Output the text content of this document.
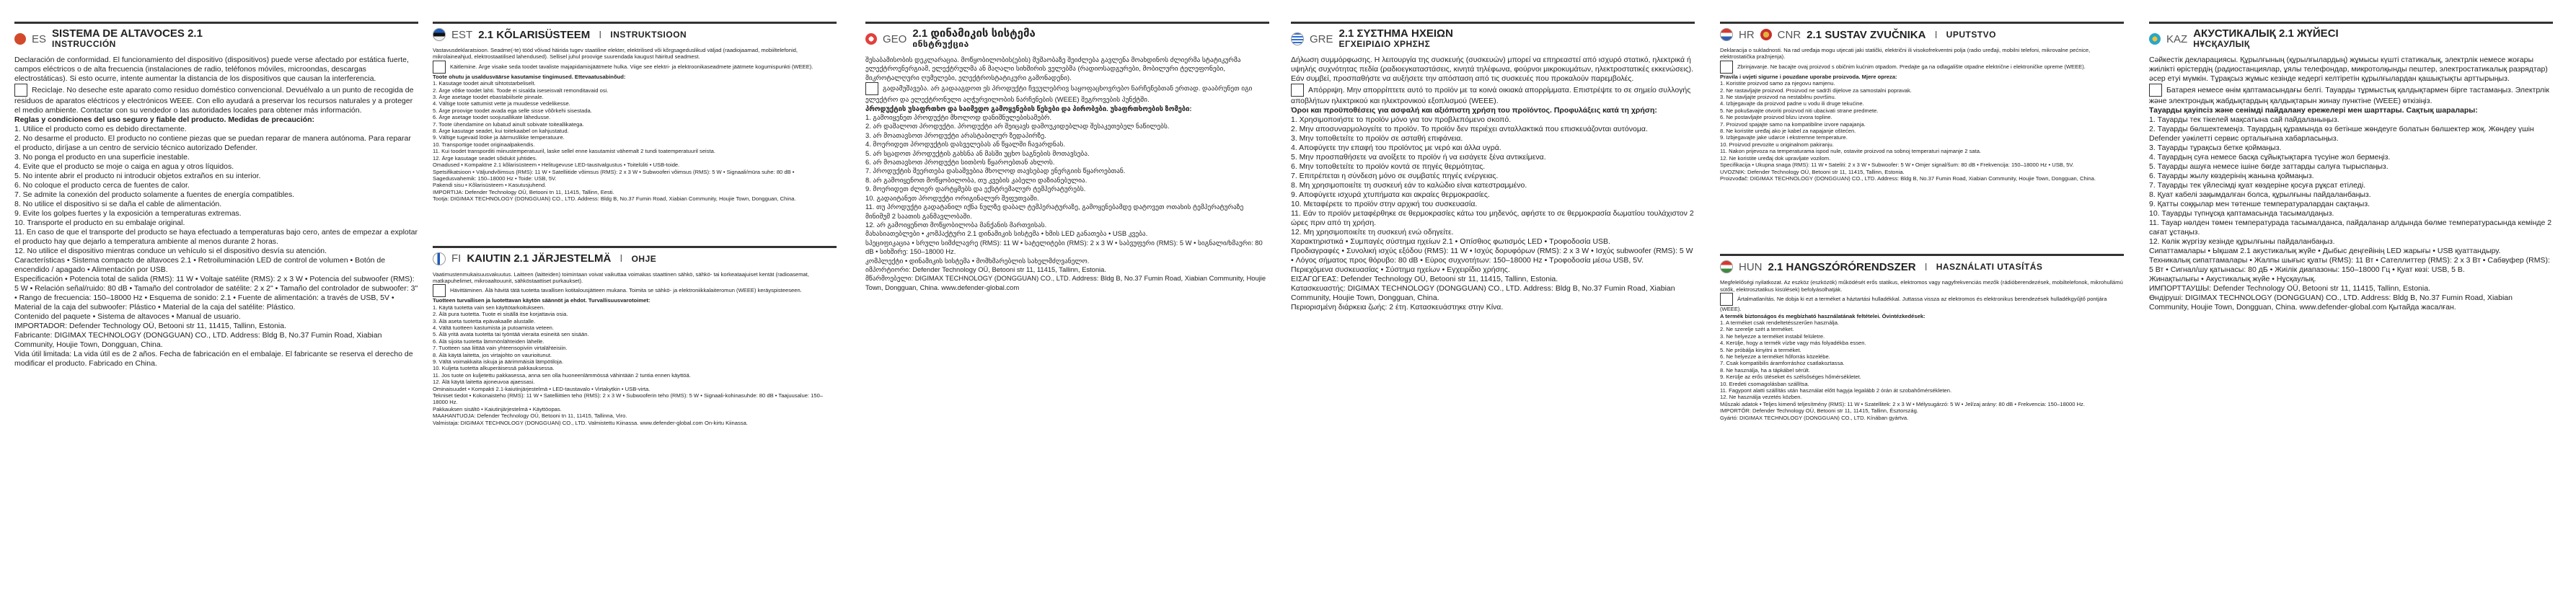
ES SISTEMA DE ALTAVOCES 2.1
INSTRUCCIÓN

Declaración de conformidad. El funcionamiento del dispositivo (dispositivos) puede verse afectado por estática fuerte, campos eléctricos o de alta frecuencia (instalaciones de radio, teléfonos móviles, microondas, descargas electrostáticas). Si esto ocurre, intente aumentar la distancia de los dispositivos que causan la interferencia.

Reciclaje. No deseche este aparato como residuo doméstico convencional. Devuélvalo a un punto de recogida de residuos de aparatos eléctricos y electrónicos WEEE. Con ello ayudará a preservar los recursos naturales y a proteger el medio ambiente. Contactar con su vendedor o las autoridades locales para obtener más información.

Reglas y condiciones del uso seguro y fiable del producto. Medidas de precaución:

1. Utilice el producto como es debido directamente.

2. No desarme el producto. El producto no contiene piezas que se puedan reparar de manera autónoma. Para reparar el producto, diríjase a un centro de servicio técnico autorizado Defender.

3. No ponga el producto en una superficie inestable.

4. Evite que el producto se moje o caiga en agua y otros líquidos.

5. No intente abrir el producto ni introducir objetos extraños en su interior.

6. No coloque el producto cerca de fuentes de calor.

7. Se admite la conexión del producto solamente a fuentes de energía compatibles.

8. No utilice el dispositivo si se daña el cable de alimentación.

9. Evite los golpes fuertes y la exposición a temperaturas extremas.

10. Transporte el producto en su embalaje original.

11. En caso de que el transporte del producto se haya efectuado a temperaturas bajo cero, antes de empezar a explotar el producto hay que dejarlo a temperatura ambiente al menos durante 2 horas.

12. No utilice el dispositivo mientras conduce un vehículo si el dispositivo desvía su atención.

Características • Sistema compacto de altavoces 2.1 • Retroiluminación LED de control de volumen • Botón de encendido / apagado • Alimentación por USB.

Especificación • Potencia total de salida (RMS): 11 W • Voltaje satélite (RMS): 2 x 3 W • Potencia del subwoofer (RMS): 5 W • Relación señal/ruido: 80 dB • Tamaño del controlador de satélite: 2 x 2" • Tamaño del controlador de subwoofer: 3" • Rango de frecuencia: 150–18000 Hz • Esquema de sonido: 2.1 • Fuente de alimentación: a través de USB, 5V • Material de la caja del subwoofer: Plástico • Material de la caja del satélite: Plástico.

Contenido del paquete • Sistema de altavoces • Manual de usuario.

IMPORTADOR: Defender Technology OÜ, Betooni str 11, 11415, Tallinn, Estonia.

Fabricante: DIGIMAX TECHNOLOGY (DONGGUAN) CO., LTD. Address: Bldg B, No.37 Fumin Road, Xiabian Community, Houjie Town, Dongguan, China.

Vida útil limitada: La vida útil es de 2 años. Fecha de fabricación en el embalaje. El fabricante se reserva el derecho de modificar el producto. Fabricado en China.

EST 2.1 KÕLARISÜSTEEM I INSTRUKTSIOON

Vastavusdeklaratsioon. Seadme(-te) tööd võivad häirida tugev staatiline elekter, elektrilised või kõrgsageduslikud väljad (raadiojaamad, mobiiltelefonid, mikrolaineahjud, elektrostaatilised lahendused). Sellisel juhul proovige suurendada kaugust häiritud seadmest.

Käitlemine. Ärge visake seda toodet tavaliste majapidamisjäätmete hulka. Viige see elektri- ja elektroonikaseadmete jäätmete kogumispunkti (WEEE).

Toote ohutu ja usaldusväärse kasutamise tingimused. Ettevaatusabinõud:

1. Kasutage toodet ainult sihtotstarbeliselt.

2. Ärge võtke toodet lahti. Toode ei sisalda iseseisvalt remonditavaid osi.

3. Ärge asetage toodet ebastabiilsele pinnale.

4. Vältige toote sattumist vette ja muudesse vedelikesse.

5. Ärge proovige toodet avada ega selle sisse võõrkehi sisestada.

6. Ärge asetage toodet soojusallikate lähedusse.

7. Toote ühendamine on lubatud ainult sobivate toiteallikatega.

8. Ärge kasutage seadet, kui toitekaabel on kahjustatud.

9. Vältige tugevaid lööke ja äärmuslikke temperatuure.

10. Transportige toodet originaalpakendis.

11. Kui toodet transporditi miinustemperatuuril, laske sellel enne kasutamist vähemalt 2 tundi toatemperatuuril seista.

12. Ärge kasutage seadet sõidukit juhtides.

Omadused • Kompaktne 2.1 kõlarisüsteem • Helitugevuse LED-taustvalgustus • Toitelüliti • USB-toide.

Spetsifikatsioon • Väljundvõimsus (RMS): 11 W • Satelliitide võimsus (RMS): 2 x 3 W • Subwooferi võimsus (RMS): 5 W • Signaali/müra suhe: 80 dB • Sagedusvahemik: 150–18000 Hz • Toide: USB, 5V.

Pakendi sisu • Kõlarisüsteem • Kasutusjuhend.

IMPORTIJA: Defender Technology OÜ, Betooni tn 11, 11415, Tallinn, Eesti.

Tootja: DIGIMAX TECHNOLOGY (DONGGUAN) CO., LTD. Address: Bldg B, No.37 Fumin Road, Xiabian Community, Houjie Town, Dongguan, China.

FI KAIUTIN 2.1 JÄRJESTELMÄ I OHJE

Vaatimustenmukaisuusvakuutus. Laitteen (laitteiden) toimintaan voivat vaikuttaa voimakas staattinen sähkö, sähkö- tai korkeataajuiset kentät (radioasemat, matkapuhelimet, mikroaaltouunit, sähköstaattiset purkaukset).

Hävittäminen. Älä hävitä tätä tuotetta tavallisen kotitalousjätteen mukana. Toimita se sähkö- ja elektroniikkalaiteromun (WEEE) keräyspisteeseen.

Tuotteen turvallisen ja luotettavan käytön säännöt ja ehdot. Turvallisuusvarotoimet:

1. Käytä tuotetta vain sen käyttötarkoitukseen.

2. Älä pura tuotetta. Tuote ei sisällä itse korjattavia osia.

3. Älä aseta tuotetta epävakaalle alustalle.

4. Vältä tuotteen kastumista ja putoamista veteen.

5. Älä yritä avata tuotetta tai työntää vieraita esineitä sen sisään.

6. Älä sijoita tuotetta lämmönlähteiden lähelle.

7. Tuotteen saa liittää vain yhteensopiviin virtalähteisiin.

8. Älä käytä laitetta, jos virtajohto on vaurioitunut.

9. Vältä voimakkaita iskuja ja äärimmäisiä lämpötiloja.

10. Kuljeta tuotetta alkuperäisessä pakkauksessa.

11. Jos tuote on kuljetettu pakkasessa, anna sen olla huoneenlämmössä vähintään 2 tuntia ennen käyttöä.

12. Älä käytä laitetta ajoneuvoa ajaessasi.

Ominaisuudet • Kompakti 2.1-kaiutinjärjestelmä • LED-taustavalo • Virtakytkin • USB-virta.

Tekniset tiedot • Kokonaisteho (RMS): 11 W • Satelliittien teho (RMS): 2 x 3 W • Subwooferin teho (RMS): 5 W • Signaali-kohinasuhde: 80 dB • Taajuusalue: 150–18000 Hz.

Pakkauksen sisältö • Kaiutinjärjestelmä • Käyttöopas.

MAAHANTUOJA: Defender Technology OÜ, Betooni tn 11, 11415, Tallinna, Viro.

Valmistaja: DIGIMAX TECHNOLOGY (DONGGUAN) CO., LTD. Valmistettu Kiinassa. www.defender-global.com On-kirtu Kiinassa.

GEO 2.1 დინამიკის სისტემა
ინსტრუქცია

შესაბამისობის დეკლარაცია. მოწყობილობის(ების) მუშაობაზე შეიძლება გავლენა მოახდინოს ძლიერმა სტატიკურმა ელექტროენერგიამ, ელექტრულმა ან მაღალი სიხშირის ველებმა (რადიოსადგურები, მობილური ტელეფონები, მიკროტალღური ღუმელები, ელექტროსტატიკური გამონადენი).

გადამუშავება. არ გადააგდოთ ეს პროდუქტი ჩვეულებრივ საყოფაცხოვრებო ნარჩენებთან ერთად. დააბრუნეთ იგი ელექტრო და ელექტრონული აღჭურვილობის ნარჩენების (WEEE) შეგროვების პუნქტში.

პროდუქტის უსაფრთხო და საიმედო გამოყენების წესები და პირობები. უსაფრთხოების ზომები:

1. გამოიყენეთ პროდუქტი მხოლოდ დანიშნულებისამებრ.

2. არ დაშალოთ პროდუქტი. პროდუქტი არ შეიცავს დამოუკიდებლად შესაკეთებელ ნაწილებს.

3. არ მოათავსოთ პროდუქტი არასტაბილურ ზედაპირზე.

4. მოერიდეთ პროდუქტის დასველებას ან წყალში ჩავარდნას.

5. არ სცადოთ პროდუქტის გახსნა ან მასში უცხო საგნების მოთავსება.

6. არ მოათავსოთ პროდუქტი სითბოს წყაროებთან ახლოს.

7. პროდუქტის შეერთება დასაშვებია მხოლოდ თავსებად ენერგიის წყაროებთან.

8. არ გამოიყენოთ მოწყობილობა, თუ კვების კაბელი დაზიანებულია.

9. მოერიდეთ ძლიერ დარტყმებს და ექსტრემალურ ტემპერატურებს.

10. გადაიტანეთ პროდუქტი ორიგინალურ შეფუთვაში.

11. თუ პროდუქტი გადატანილ იქნა ნულზე დაბალ ტემპერატურაზე, გამოყენებამდე დატოვეთ ოთახის ტემპერატურაზე მინიმუმ 2 საათის განმავლობაში.

12. არ გამოიყენოთ მოწყობილობა მანქანის მართვისას.

მახასიათებლები • კომპაქტური 2.1 დინამიკის სისტემა • ხმის LED განათება • USB კვება.

სპეციფიკაცია • სრული სიმძლავრე (RMS): 11 W • სატელიტები (RMS): 2 x 3 W • საბვუფერი (RMS): 5 W • სიგნალი/ხმაური: 80 dB • სიხშირე: 150–18000 Hz.

კომპლექტი • დინამიკის სისტემა • მომხმარებლის სახელმძღვანელო.

იმპორტიორი: Defender Technology OÜ, Betooni str 11, 11415, Tallinn, Estonia.

მწარმოებელი: DIGIMAX TECHNOLOGY (DONGGUAN) CO., LTD. Address: Bldg B, No.37 Fumin Road, Xiabian Community, Houjie Town, Dongguan, China. www.defender-global.com

GRE 2.1 ΣΥΣΤΗΜΑ ΗΧΕΙΩΝ
ΕΓΧΕΙΡΙΔΙΟ ΧΡΗΣΗΣ

Δήλωση συμμόρφωσης. Η λειτουργία της συσκευής (συσκευών) μπορεί να επηρεαστεί από ισχυρό στατικό, ηλεκτρικά ή υψηλής συχνότητας πεδία (ραδιοεγκαταστάσεις, κινητά τηλέφωνα, φούρνοι μικροκυμάτων, ηλεκτροστατικές εκκενώσεις). Εάν συμβεί, προσπαθήστε να αυξήσετε την απόσταση από τις συσκευές που προκαλούν παρεμβολές.

Απόρριψη. Μην απορρίπτετε αυτό το προϊόν με τα κοινά οικιακά απορρίμματα. Επιστρέψτε το σε σημείο συλλογής αποβλήτων ηλεκτρικού και ηλεκτρονικού εξοπλισμού (WEEE).

Όροι και προϋποθέσεις για ασφαλή και αξιόπιστη χρήση του προϊόντος. Προφυλάξεις κατά τη χρήση:

1. Χρησιμοποιήστε το προϊόν μόνο για τον προβλεπόμενο σκοπό.

2. Μην αποσυναρμολογείτε το προϊόν. Το προϊόν δεν περιέχει ανταλλακτικά που επισκευάζονται αυτόνομα.

3. Μην τοποθετείτε το προϊόν σε ασταθή επιφάνεια.

4. Αποφύγετε την επαφή του προϊόντος με νερό και άλλα υγρά.

5. Μην προσπαθήσετε να ανοίξετε το προϊόν ή να εισάγετε ξένα αντικείμενα.

6. Μην τοποθετείτε το προϊόν κοντά σε πηγές θερμότητας.

7. Επιτρέπεται η σύνδεση μόνο σε συμβατές πηγές ενέργειας.

8. Μη χρησιμοποιείτε τη συσκευή εάν το καλώδιο είναι κατεστραμμένο.

9. Αποφύγετε ισχυρά χτυπήματα και ακραίες θερμοκρασίες.

10. Μεταφέρετε το προϊόν στην αρχική του συσκευασία.

11. Εάν το προϊόν μεταφέρθηκε σε θερμοκρασίες κάτω του μηδενός, αφήστε το σε θερμοκρασία δωματίου τουλάχιστον 2 ώρες πριν από τη χρήση.

12. Μη χρησιμοποιείτε τη συσκευή ενώ οδηγείτε.

Χαρακτηριστικά • Συμπαγές σύστημα ηχείων 2.1 • Οπίσθιος φωτισμός LED • Τροφοδοσία USB.

Προδιαγραφές • Συνολική ισχύς εξόδου (RMS): 11 W • Ισχύς δορυφόρων (RMS): 2 x 3 W • Ισχύς subwoofer (RMS): 5 W • Λόγος σήματος προς θόρυβο: 80 dB • Εύρος συχνοτήτων: 150–18000 Hz • Τροφοδοσία μέσω USB, 5V.

Περιεχόμενα συσκευασίας • Σύστημα ηχείων • Εγχειρίδιο χρήσης.

ΕΙΣΑΓΩΓΕΑΣ: Defender Technology OÜ, Betooni str 11, 11415, Tallinn, Estonia.

Κατασκευαστής: DIGIMAX TECHNOLOGY (DONGGUAN) CO., LTD. Address: Bldg B, No.37 Fumin Road, Xiabian Community, Houjie Town, Dongguan, China.

Περιορισμένη διάρκεια ζωής: 2 έτη. Κατασκευάστηκε στην Κίνα.

HR CNR 2.1 SUSTAV ZVUČNIKA I UPUTSTVO

Deklaracija o sukladnosti. Na rad uređaja mogu utjecati jaki statički, električni ili visokofrekventni polja (radio uređaji, mobilni telefoni, mikrovalne pećnice, elektrostatička pražnjenja).

Zbrinjavanje. Ne bacajte ovaj proizvod s običnim kućnim otpadom. Predajte ga na odlagalište otpadne električne i elektroničke opreme (WEEE).

Pravila i uvjeti sigurne i pouzdane uporabe proizvoda. Mjere opreza:

1. Koristite proizvod samo za njegovu namjenu.

2. Ne rastavljajte proizvod. Proizvod ne sadrži dijelove za samostalni popravak.

3. Ne stavljajte proizvod na nestabilnu površinu.

4. Izbjegavajte da proizvod padne u vodu ili druge tekućine.

5. Ne pokušavajte otvoriti proizvod niti ubacivati strane predmete.

6. Ne postavljajte proizvod blizu izvora topline.

7. Proizvod spajajte samo na kompatibilne izvore napajanja.

8. Ne koristite uređaj ako je kabel za napajanje oštećen.

9. Izbjegavajte jake udarce i ekstremne temperature.

10. Proizvod prevozite u originalnom pakiranju.

11. Nakon prijevoza na temperaturama ispod nule, ostavite proizvod na sobnoj temperaturi najmanje 2 sata.

12. Ne koristite uređaj dok upravljate vozilom.

Specifikacija • Ukupna snaga (RMS): 11 W • Sateliti: 2 x 3 W • Subwoofer: 5 W • Omjer signal/šum: 80 dB • Frekvencija: 150–18000 Hz • USB, 5V.

UVOZNIK: Defender Technology OÜ, Betooni str 11, 11415, Tallinn, Estonia.

Proizvođač: DIGIMAX TECHNOLOGY (DONGGUAN) CO., LTD. Address: Bldg B, No.37 Fumin Road, Xiabian Community, Houjie Town, Dongguan, China.

HUN 2.1 HANGSZÓRÓRENDSZER I HASZNÁLATI UTASÍTÁS

Megfelelőségi nyilatkozat. Az eszköz (eszközök) működését erős statikus, elektromos vagy nagyfrekvenciás mezők (rádióberendezések, mobiltelefonok, mikrohullámú sütők, elektrosztatikus kisülések) befolyásolhatják.

Ártalmatlanítás. Ne dobja ki ezt a terméket a háztartási hulladékkal. Juttassa vissza az elektromos és elektronikus berendezések hulladékgyűjtő pontjára (WEEE).

A termék biztonságos és megbízható használatának feltételei. Óvintézkedések:

1. A terméket csak rendeltetésszerűen használja.

2. Ne szerelje szét a terméket.

3. Ne helyezze a terméket instabil felületre.

4. Kerülje, hogy a termék vízbe vagy más folyadékba essen.

5. Ne próbálja kinyitni a terméket.

6. Ne helyezze a terméket hőforrás közelébe.

7. Csak kompatibilis áramforráshoz csatlakoztassa.

8. Ne használja, ha a tápkábel sérült.

9. Kerülje az erős ütéseket és szélsőséges hőmérsékletet.

10. Eredeti csomagolásban szállítsa.

11. Fagypont alatti szállítás után használat előtt hagyja legalább 2 órán át szobahőmérsékleten.

12. Ne használja vezetés közben.

Műszaki adatok • Teljes kimenő teljesítmény (RMS): 11 W • Szatellitek: 2 x 3 W • Mélysugárzó: 5 W • Jel/zaj arány: 80 dB • Frekvencia: 150–18000 Hz.

IMPORTŐR: Defender Technology OÜ, Betooni str 11, 11415, Tallinn, Észtország.

Gyártó: DIGIMAX TECHNOLOGY (DONGGUAN) CO., LTD. Kínában gyártva.

KAZ АКУСТИКАЛЫҚ 2.1 ЖҮЙЕСІ
НҰСҚАУЛЫҚ

Сәйкестік декларациясы. Құрылғының (құрылғылардың) жұмысы күшті статикалық, электрлік немесе жоғары жиілікті өрістердің (радиостанциялар, ұялы телефондар, микротолқынды пештер, электростатикалық разрядтар) әсер етуі мүмкін. Тұрақсыз жұмыс кезінде кедергі келтіретін құрылғылардан қашықтықты арттырыңыз.

Батарея немесе өнім қаптамасындағы белгі. Тауарды тұрмыстық қалдықтармен бірге тастамаңыз. Электрлік және электрондық жабдықтардың қалдықтарын жинау пунктіне (WEEE) өткізіңіз.

Тауарды қауіпсіз және сенімді пайдалану ережелері мен шарттары. Сақтық шаралары:

1. Тауарды тек тікелей мақсатына сай пайдаланыңыз.

2. Тауарды бөлшектемеңіз. Тауардың құрамында өз бетінше жөндеуге болатын бөлшектер жоқ. Жөндеу үшін Defender уәкілетті сервис орталығына хабарласыңыз.

3. Тауарды тұрақсыз бетке қоймаңыз.

4. Тауардың суға немесе басқа сұйықтықтарға түсуіне жол бермеңіз.

5. Тауарды ашуға немесе ішіне бөгде заттарды салуға тырыспаңыз.

6. Тауарды жылу көздерінің жанына қоймаңыз.

7. Тауарды тек үйлесімді қуат көздеріне қосуға рұқсат етіледі.

8. Қуат кабелі зақымдалған болса, құрылғыны пайдаланбаңыз.

9. Қатты соққылар мен төтенше температуралардан сақтаңыз.

10. Тауарды түпнұсқа қаптамасында тасымалдаңыз.

11. Тауар нөлден төмен температурада тасымалданса, пайдаланар алдында бөлме температурасында кемінде 2 сағат ұстаңыз.

12. Көлік жүргізу кезінде құрылғыны пайдаланбаңыз.

Сипаттамалары • Ықшам 2.1 акустикалық жүйе • Дыбыс деңгейінің LED жарығы • USB қуаттандыру.

Техникалық сипаттамалары • Жалпы шығыс қуаты (RMS): 11 Вт • Сателлиттер (RMS): 2 x 3 Вт • Сабвуфер (RMS): 5 Вт • Сигнал/шу қатынасы: 80 дБ • Жиілік диапазоны: 150–18000 Гц • Қуат көзі: USB, 5 В.

Жинақтылығы • Акустикалық жүйе • Нұсқаулық.

ИМПОРТТАУШЫ: Defender Technology OÜ, Betooni str 11, 11415, Tallinn, Estonia.

Өндіруші: DIGIMAX TECHNOLOGY (DONGGUAN) CO., LTD. Address: Bldg B, No.37 Fumin Road, Xiabian Community, Houjie Town, Dongguan, China. www.defender-global.com Қытайда жасалған.
